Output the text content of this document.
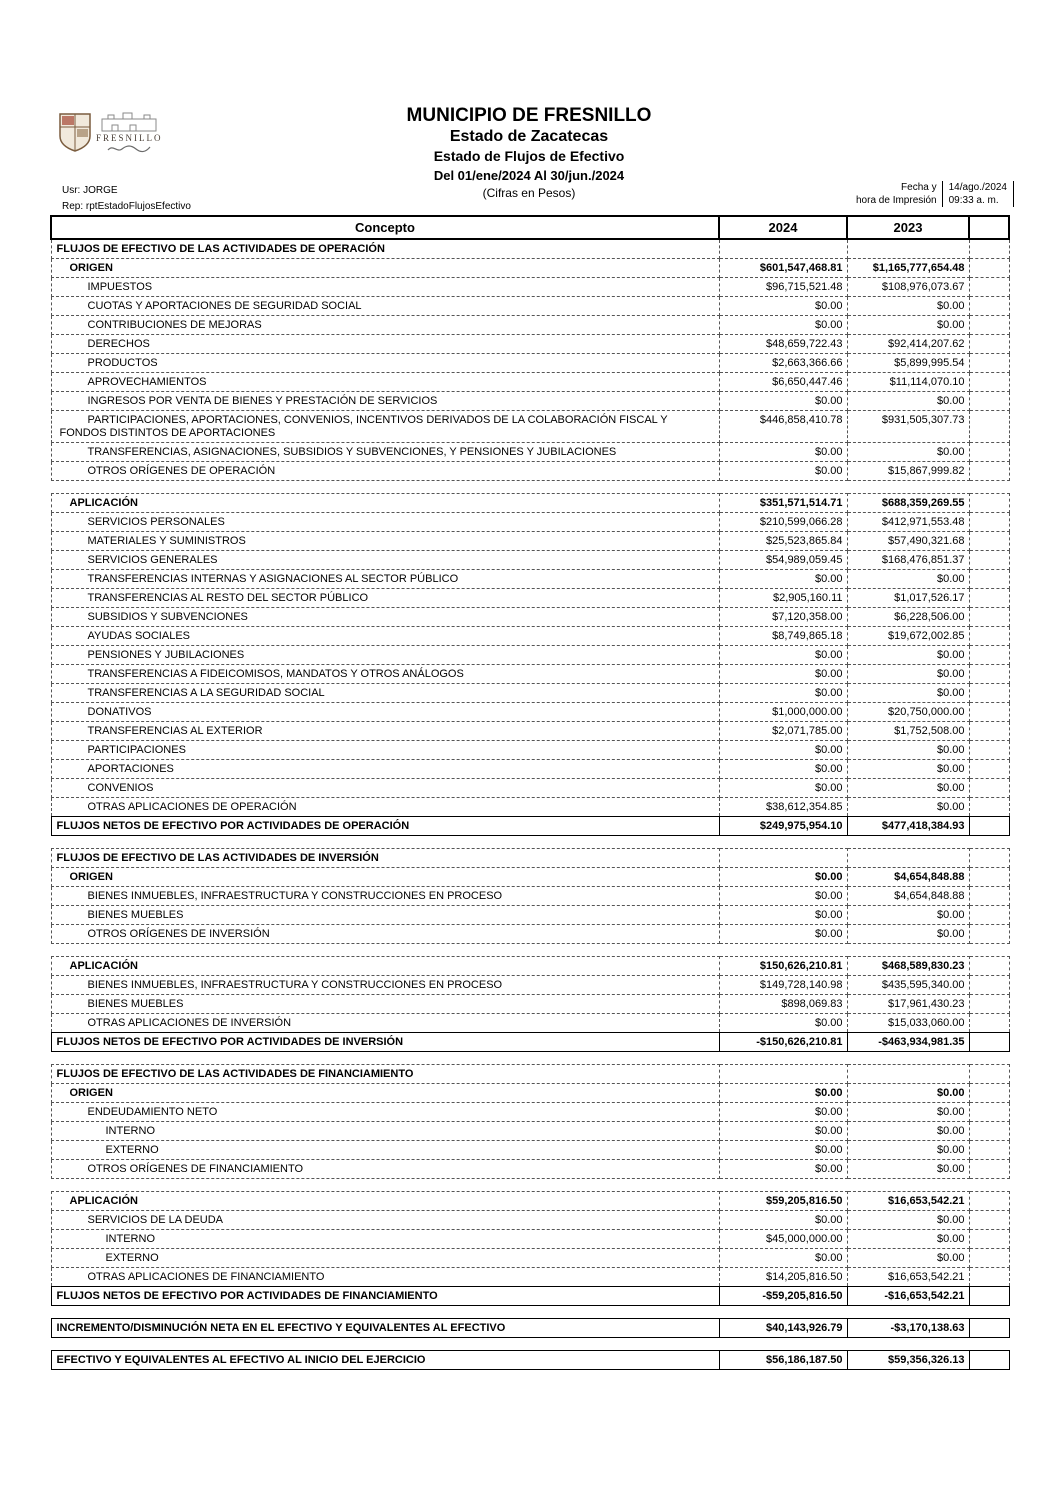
FRESNILLO
MUNICIPIO DE FRESNILLO
Estado de Zacatecas
Estado de Flujos de Efectivo
Del 01/ene/2024 Al 30/jun./2024
(Cifras en Pesos)
Usr: JORGE
Rep: rptEstadoFlujosEfectivo
Fecha y
hora de Impresión
14/ago./2024
09:33 a. m.
Concepto	2024	2023	
FLUJOS DE EFECTIVO DE LAS ACTIVIDADES DE OPERACIÓN			
ORIGEN	$601,547,468.81	$1,165,777,654.48	
IMPUESTOS	$96,715,521.48	$108,976,073.67	
CUOTAS Y APORTACIONES DE SEGURIDAD SOCIAL	$0.00	$0.00	
CONTRIBUCIONES DE MEJORAS	$0.00	$0.00	
DERECHOS	$48,659,722.43	$92,414,207.62	
PRODUCTOS	$2,663,366.66	$5,899,995.54	
APROVECHAMIENTOS	$6,650,447.46	$11,114,070.10	
INGRESOS POR VENTA DE BIENES Y PRESTACIÓN DE SERVICIOS	$0.00	$0.00	
PARTICIPACIONES, APORTACIONES, CONVENIOS, INCENTIVOS DERIVADOS DE LA COLABORACIÓN FISCAL Y FONDOS DISTINTOS DE APORTACIONES	$446,858,410.78	$931,505,307.73	
TRANSFERENCIAS, ASIGNACIONES, SUBSIDIOS Y SUBVENCIONES, Y PENSIONES Y JUBILACIONES	$0.00	$0.00	
OTROS ORÍGENES DE OPERACIÓN	$0.00	$15,867,999.82	

APLICACIÓN	$351,571,514.71	$688,359,269.55	
SERVICIOS PERSONALES	$210,599,066.28	$412,971,553.48	
MATERIALES Y SUMINISTROS	$25,523,865.84	$57,490,321.68	
SERVICIOS GENERALES	$54,989,059.45	$168,476,851.37	
TRANSFERENCIAS INTERNAS Y ASIGNACIONES AL SECTOR PÚBLICO	$0.00	$0.00	
TRANSFERENCIAS AL RESTO DEL SECTOR PÚBLICO	$2,905,160.11	$1,017,526.17	
SUBSIDIOS Y SUBVENCIONES	$7,120,358.00	$6,228,506.00	
AYUDAS SOCIALES	$8,749,865.18	$19,672,002.85	
PENSIONES Y JUBILACIONES	$0.00	$0.00	
TRANSFERENCIAS A FIDEICOMISOS, MANDATOS Y OTROS ANÁLOGOS	$0.00	$0.00	
TRANSFERENCIAS A LA SEGURIDAD SOCIAL	$0.00	$0.00	
DONATIVOS	$1,000,000.00	$20,750,000.00	
TRANSFERENCIAS AL EXTERIOR	$2,071,785.00	$1,752,508.00	
PARTICIPACIONES	$0.00	$0.00	
APORTACIONES	$0.00	$0.00	
CONVENIOS	$0.00	$0.00	
OTRAS APLICACIONES DE OPERACIÓN	$38,612,354.85	$0.00	
FLUJOS NETOS DE EFECTIVO POR ACTIVIDADES DE OPERACIÓN	$249,975,954.10	$477,418,384.93	

FLUJOS DE EFECTIVO DE LAS ACTIVIDADES DE INVERSIÓN			
ORIGEN	$0.00	$4,654,848.88	
BIENES INMUEBLES, INFRAESTRUCTURA Y CONSTRUCCIONES EN PROCESO	$0.00	$4,654,848.88	
BIENES MUEBLES	$0.00	$0.00	
OTROS ORÍGENES DE INVERSIÓN	$0.00	$0.00	

APLICACIÓN	$150,626,210.81	$468,589,830.23	
BIENES INMUEBLES, INFRAESTRUCTURA Y CONSTRUCCIONES EN PROCESO	$149,728,140.98	$435,595,340.00	
BIENES MUEBLES	$898,069.83	$17,961,430.23	
OTRAS APLICACIONES DE INVERSIÓN	$0.00	$15,033,060.00	
FLUJOS NETOS DE EFECTIVO POR ACTIVIDADES DE INVERSIÓN	-$150,626,210.81	-$463,934,981.35	

FLUJOS DE EFECTIVO DE LAS ACTIVIDADES DE FINANCIAMIENTO			
ORIGEN	$0.00	$0.00	
ENDEUDAMIENTO NETO	$0.00	$0.00	
INTERNO	$0.00	$0.00	
EXTERNO	$0.00	$0.00	
OTROS ORÍGENES DE FINANCIAMIENTO	$0.00	$0.00	

APLICACIÓN	$59,205,816.50	$16,653,542.21	
SERVICIOS DE LA DEUDA	$0.00	$0.00	
INTERNO	$45,000,000.00	$0.00	
EXTERNO	$0.00	$0.00	
OTRAS APLICACIONES DE FINANCIAMIENTO	$14,205,816.50	$16,653,542.21	
FLUJOS NETOS DE EFECTIVO POR ACTIVIDADES DE FINANCIAMIENTO	-$59,205,816.50	-$16,653,542.21	

INCREMENTO/DISMINUCIÓN NETA EN EL EFECTIVO Y EQUIVALENTES AL EFECTIVO	$40,143,926.79	-$3,170,138.63	

EFECTIVO Y EQUIVALENTES AL EFECTIVO AL INICIO DEL EJERCICIO	$56,186,187.50	$59,356,326.13	
